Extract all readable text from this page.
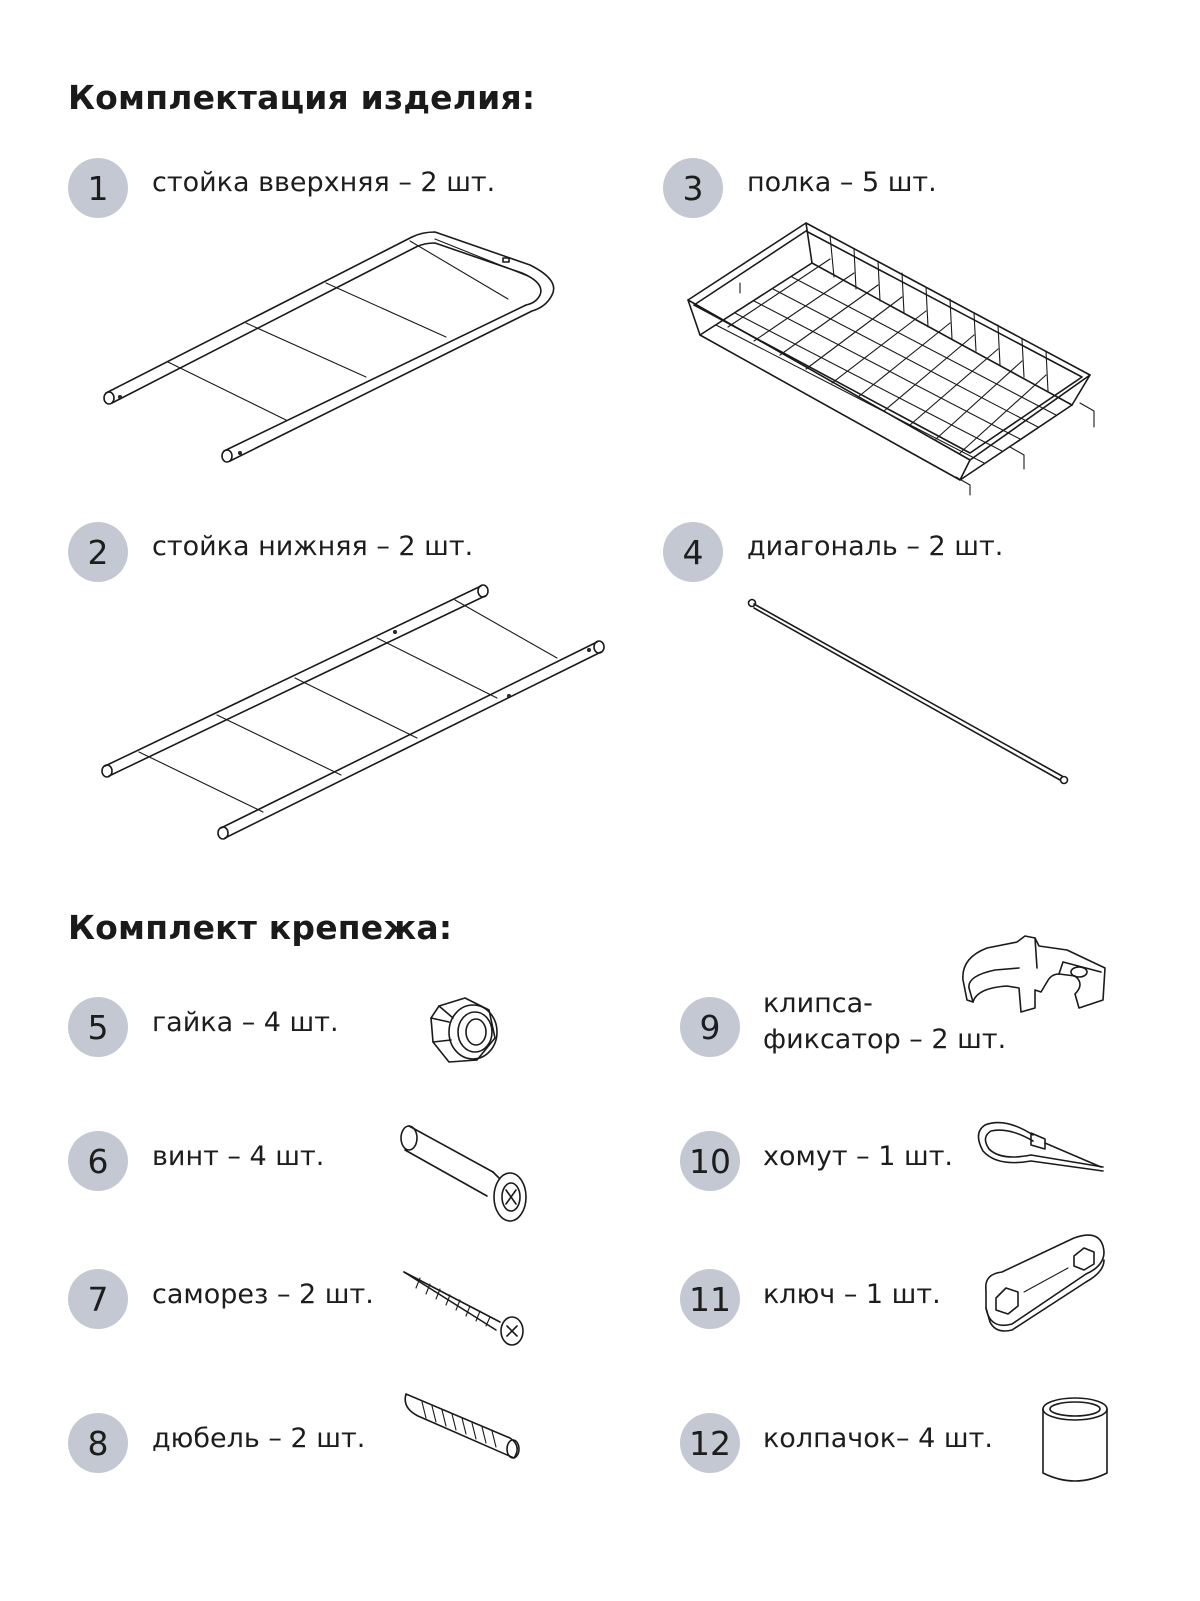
Комплектация изделия:
Комплект крепежа:
1	стойка вверхняя – 2 шт.
2	стойка нижняя – 2 шт.
3	полка – 5 шт.
4	диагональ – 2 шт.
5	гайка – 4 шт.
6	винт – 4 шт.
7	саморез – 2 шт.
8	дюбель – 2 шт.
9
клипса-
фиксатор – 2 шт.
10	хомут – 1 шт.
11	ключ – 1 шт.
12	колпачок– 4 шт.
